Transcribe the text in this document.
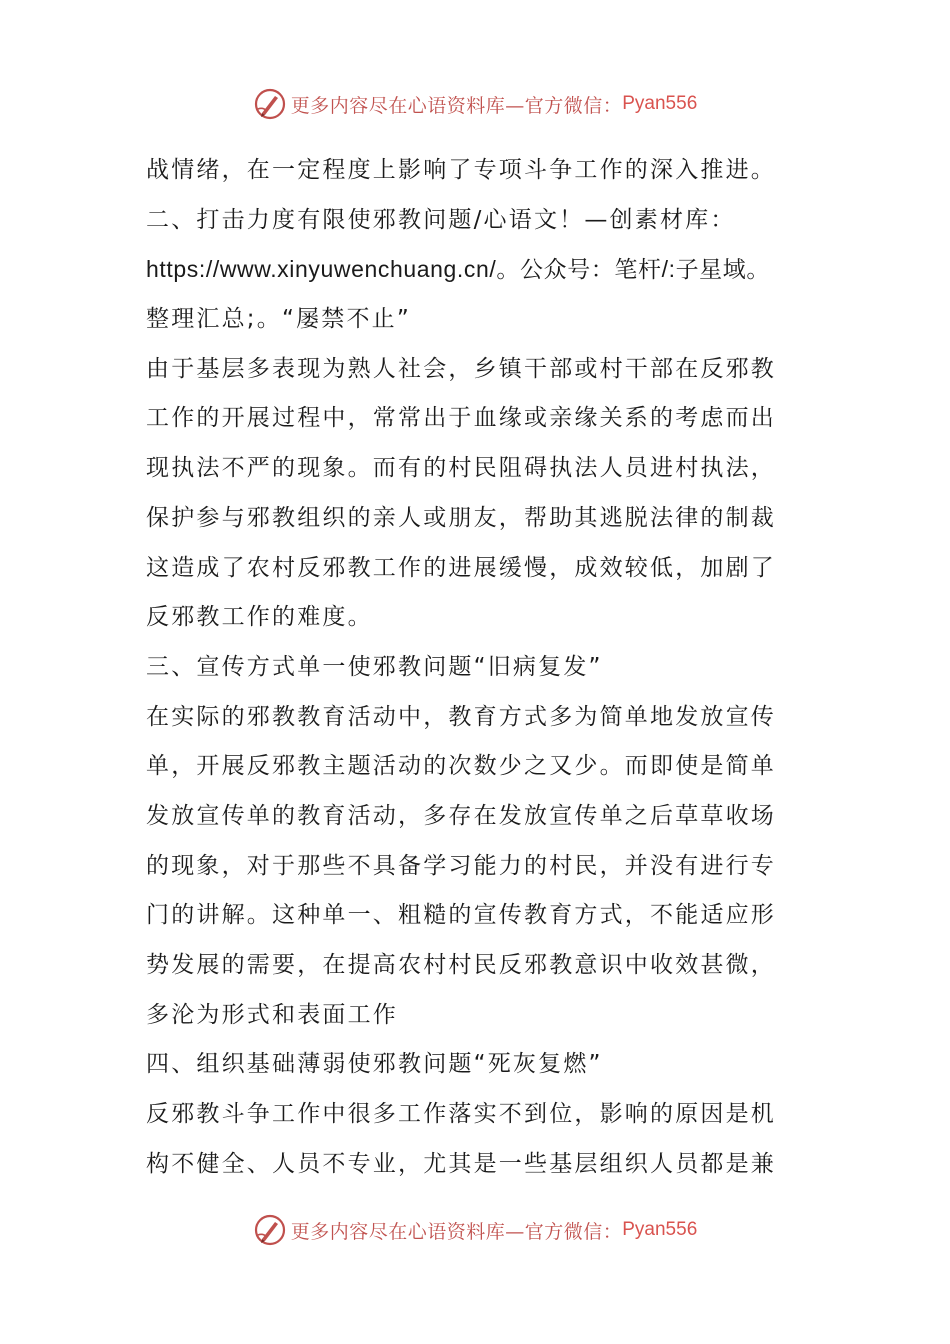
更多内容尽在心语资料库—官方微信： Pyan556
战情绪，在一定程度上影响了专项斗争工作的深入推进。
二、打击力度有限使邪教问题/心语文！—创素材库：
https://www.xinyuwenchuang.cn/。公众号：笔杆/:子星域。
整理汇总;。“屡禁不止”
由于基层多表现为熟人社会，乡镇干部或村干部在反邪教
工作的开展过程中，常常出于血缘或亲缘关系的考虑而出
现执法不严的现象。而有的村民阻碍执法人员进村执法，
保护参与邪教组织的亲人或朋友，帮助其逃脱法律的制裁
这造成了农村反邪教工作的进展缓慢，成效较低，加剧了
反邪教工作的难度。
三、宣传方式单一使邪教问题“旧病复发”
在实际的邪教教育活动中，教育方式多为简单地发放宣传
单，开展反邪教主题活动的次数少之又少。而即使是简单
发放宣传单的教育活动，多存在发放宣传单之后草草收场
的现象，对于那些不具备学习能力的村民，并没有进行专
门的讲解。这种单一、粗糙的宣传教育方式，不能适应形
势发展的需要，在提高农村村民反邪教意识中收效甚微，
多沦为形式和表面工作
四、组织基础薄弱使邪教问题“死灰复燃”
反邪教斗争工作中很多工作落实不到位，影响的原因是机
构不健全、人员不专业，尤其是一些基层组织人员都是兼
更多内容尽在心语资料库—官方微信： Pyan556
